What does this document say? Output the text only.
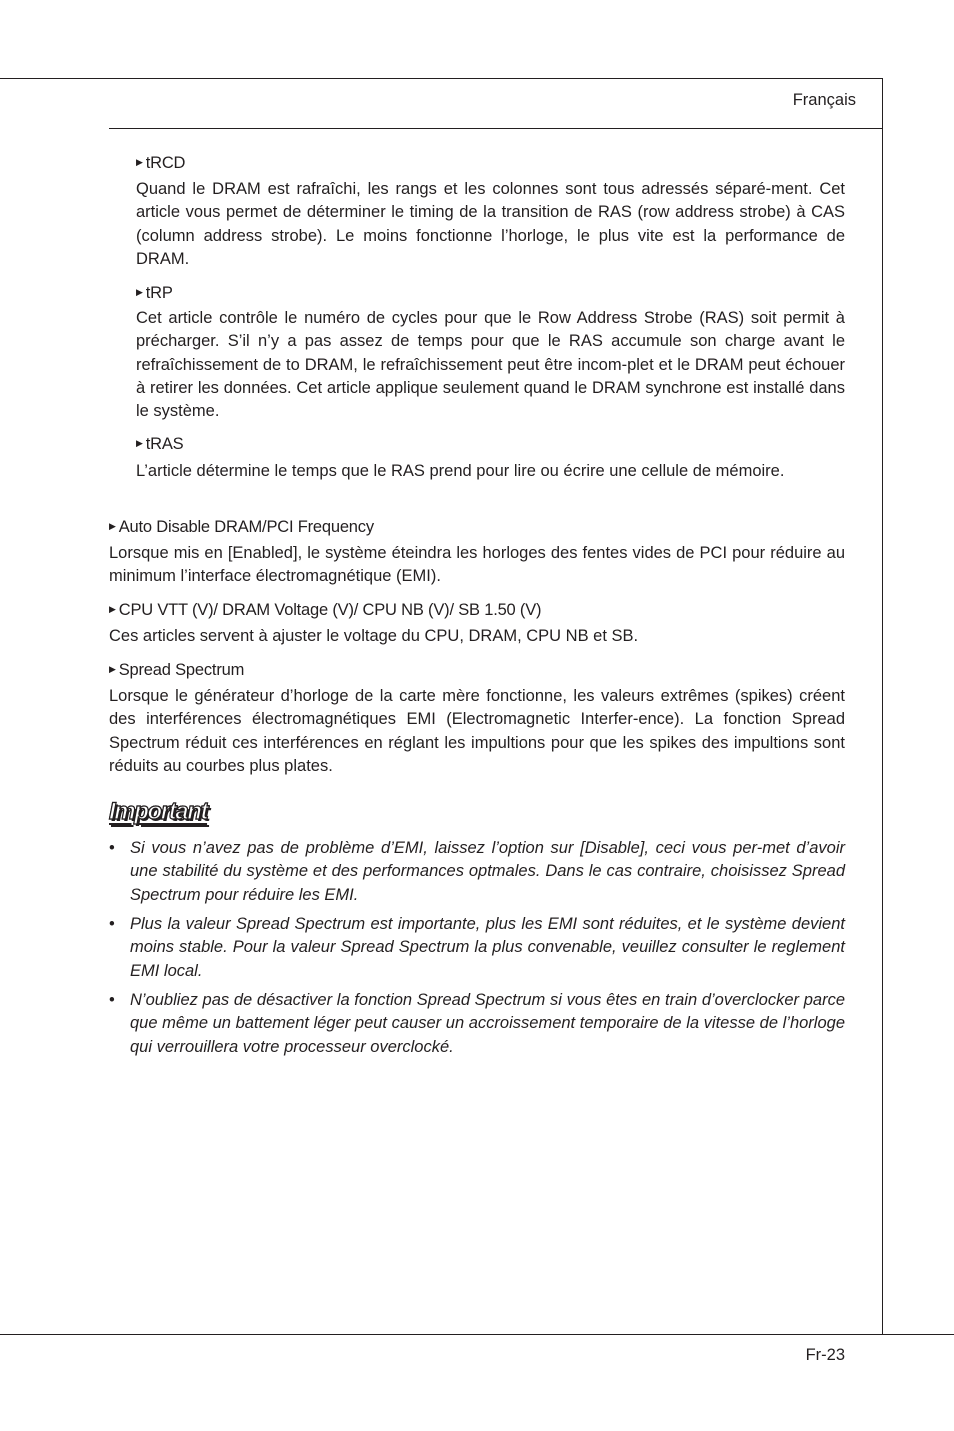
Français
▶ tRCD

Quand le DRAM est rafraîchi, les rangs et les colonnes sont tous adressés séparé-ment. Cet article vous permet de déterminer le timing de la transition de RAS (row address strobe) à CAS (column address strobe). Le moins fonctionne l’horloge, le plus vite est la performance de DRAM.

▶ tRP

Cet article contrôle le numéro de cycles pour que le Row Address Strobe (RAS) soit permit à précharger. S’il n’y a pas assez de temps pour que le RAS accumule son charge avant le refraîchissement de to DRAM, le refraîchissement peut être incom-plet et le DRAM peut échouer à retirer les données. Cet article applique seulement quand le DRAM synchrone est installé dans le système.

▶ tRAS

L’article détermine le temps que le RAS prend pour lire ou écrire une cellule de mémoire.

▶ Auto Disable DRAM/PCI Frequency

Lorsque mis en [Enabled], le système éteindra les horloges des fentes vides de PCI pour réduire au minimum l’interface électromagnétique (EMI).

▶ CPU VTT (V)/ DRAM Voltage (V)/ CPU NB (V)/ SB 1.50 (V)

Ces articles servent à ajuster le voltage du CPU, DRAM, CPU NB et SB.

▶ Spread Spectrum

Lorsque le générateur d’horloge de la carte mère fonctionne, les valeurs extrêmes (spikes) créent des interférences électromagnétiques EMI (Electromagnetic Interfer-ence). La fonction Spread Spectrum réduit ces interférences en réglant les impultions pour que les spikes des impultions sont réduits au courbes plus plates.

Important
• Si vous n’avez pas de problème d’EMI, laissez l’option sur [Disable], ceci vous per-met d’avoir une stabilité du système et des performances optmales. Dans le cas contraire, choisissez Spread Spectrum pour réduire les EMI.
• Plus la valeur Spread Spectrum est importante, plus les EMI sont réduites, et le système devient moins stable. Pour la valeur Spread Spectrum la plus convenable, veuillez consulter le reglement EMI local.
• N’oubliez pas de désactiver la fonction Spread Spectrum si vous êtes en train d’overclocker parce que même un battement léger peut causer un accroissement temporaire de la vitesse de l’horloge qui verrouillera votre processeur overclocké.
Fr-23
